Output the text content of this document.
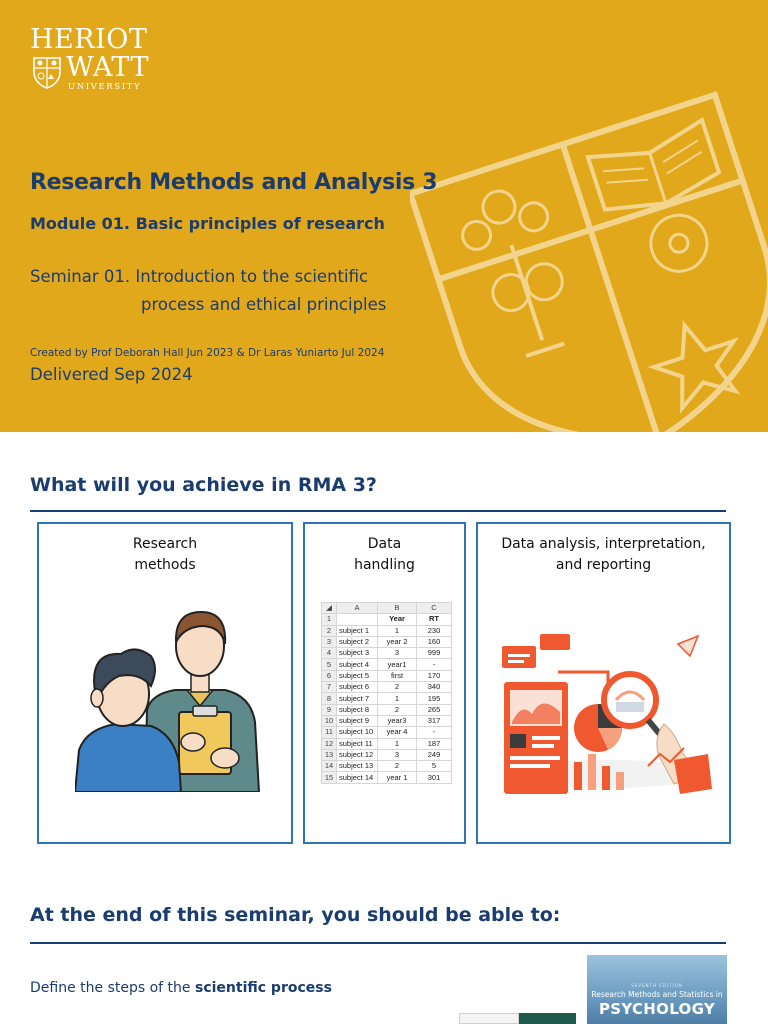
HERIOT
WATT
UNIVERSITY
Research Methods and Analysis 3
Module 01. Basic principles of research
Seminar 01. Introduction to the scientific
process and ethical principles
Created by Prof Deborah Hall Jun 2023 & Dr Laras Yuniarto Jul 2024
Delivered Sep 2024
What will you achieve in RMA 3?
Research
methods
Data
handling
◢	A	B	C
1		Year	RT
2	subject 1	1	230
3	subject 2	year 2	160
4	subject 3	3	999
5	subject 4	year1	-
6	subject 5	first	170
7	subject 6	2	340
8	subject 7	1	195
9	subject 8	2	265
10	subject 9	year3	317
11	subject 10	year 4	-
12	subject 11	1	187
13	subject 12	3	249
14	subject 13	2	5
15	subject 14	year 1	301
Data analysis, interpretation,
and reporting
At the end of this seminar, you should be able to:
Define the steps of the scientific process	SEVENTH EDITION
Research Methods and Statistics in
PSYCHOLOGY
